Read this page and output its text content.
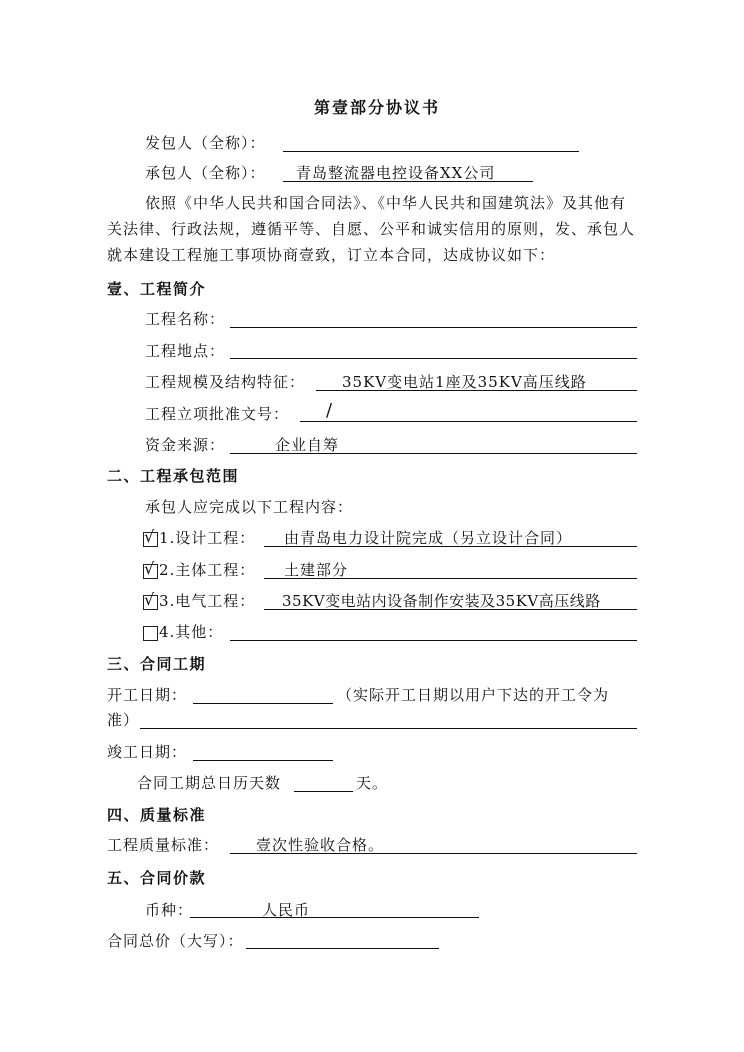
第壹部分协议书
发包人（全称）：
承包人（全称）： 青岛整流器电控设备XX公司
依照《中华人民共和国合同法》、《中华人民共和国建筑法》及其他有
关法律、行政法规，遵循平等、自愿、公平和诚实信用的原则，发、承包人
就本建设工程施工事项协商壹致，订立本合同，达成协议如下：
壹、工程简介
工程名称：
工程地点：
工程规模及结构特征： 35KV变电站1座及35KV高压线路
工程立项批准文号： /
资金来源：	企业自筹
二、工程承包范围
承包人应完成以下工程内容：
√ 1.设计工程： 由青岛电力设计院完成（另立设计合同）
√ 2.主体工程： 土建部分
√ 3.电气工程： 35KV变电站内设备制作安装及35KV高压线路
4.其他：
三、合同工期
开工日期：	（实际开工日期以用户下达的开工令为
准）
竣工日期：
合同工期总日历天数	天。
四、质量标准
工程质量标准： 壹次性验收合格。
五、合同价款
币种：	人民币
合同总价（大写）：
